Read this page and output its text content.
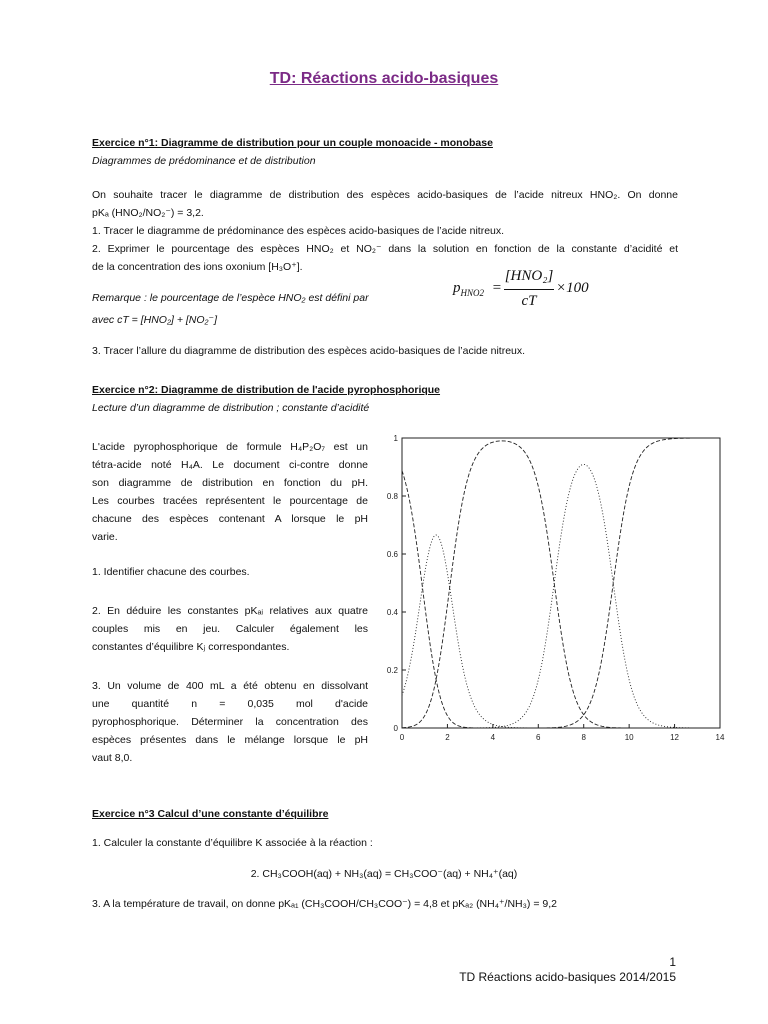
TD: Réactions acido-basiques
Exercice n°1: Diagramme de distribution pour un couple monoacide - monobase
Diagrammes de prédominance et de distribution

On souhaite tracer le diagramme de distribution des espèces acido-basiques de l’acide nitreux HNO₂. On donne

pKₐ (HNO₂/NO₂⁻) = 3,2.

1. Tracer le diagramme de prédominance des espèces acido-basiques de l’acide nitreux.

2. Exprimer le pourcentage des espèces HNO₂ et NO₂⁻ dans la solution en fonction de la constante d’acidité et

de la concentration des ions oxonium [H₃O⁺].

Remarque : le pourcentage de l’espèce HNO₂ est défini par
avec cT = [HNO₂] + [NO₂⁻]
$p_{HNO2}$ =
[HNO₂]
cT
×100
3. Tracer l’allure du diagramme de distribution des espèces acido-basiques de l’acide nitreux.
Exercice n°2: Diagramme de distribution de l'acide pyrophosphorique
Lecture d’un diagramme de distribution ; constante d’acidité

L'acide pyrophosphorique de formule H₄P₂O₇ est un

tétra-acide noté H₄A. Le document ci-contre donne

son diagramme de distribution en fonction du pH.

Les courbes tracées représentent le pourcentage de

chacune des espèces contenant A lorsque le pH

varie.

1. Identifier chacune des courbes.

2. En déduire les constantes pKₐᵢ relatives aux quatre

couples mis en jeu. Calculer également les

constantes d’équilibre Kⱼ correspondantes.

3. Un volume de 400 mL a été obtenu en dissolvant

une quantité n = 0,035 mol d'acide

pyrophosphorique. Déterminer la concentration des

espèces présentes dans le mélange lorsque le pH

vaut 8,0.

0	2	4	6	8	10	12	14
0
0.2
0.4
0.6
0.8
1
Exercice n°3 Calcul d’une constante d’équilibre
1. Calculer la constante d’équilibre K associée à la réaction :
2. CH₃COOH(aq) + NH₃(aq) = CH₃COO⁻(aq) + NH₄⁺(aq)
3. A la température de travail, on donne pKₐ₁ (CH₃COOH/CH₃COO⁻) = 4,8 et pKₐ₂ (NH₄⁺/NH₃) = 9,2
1
TD Réactions acido-basiques 2014/2015
